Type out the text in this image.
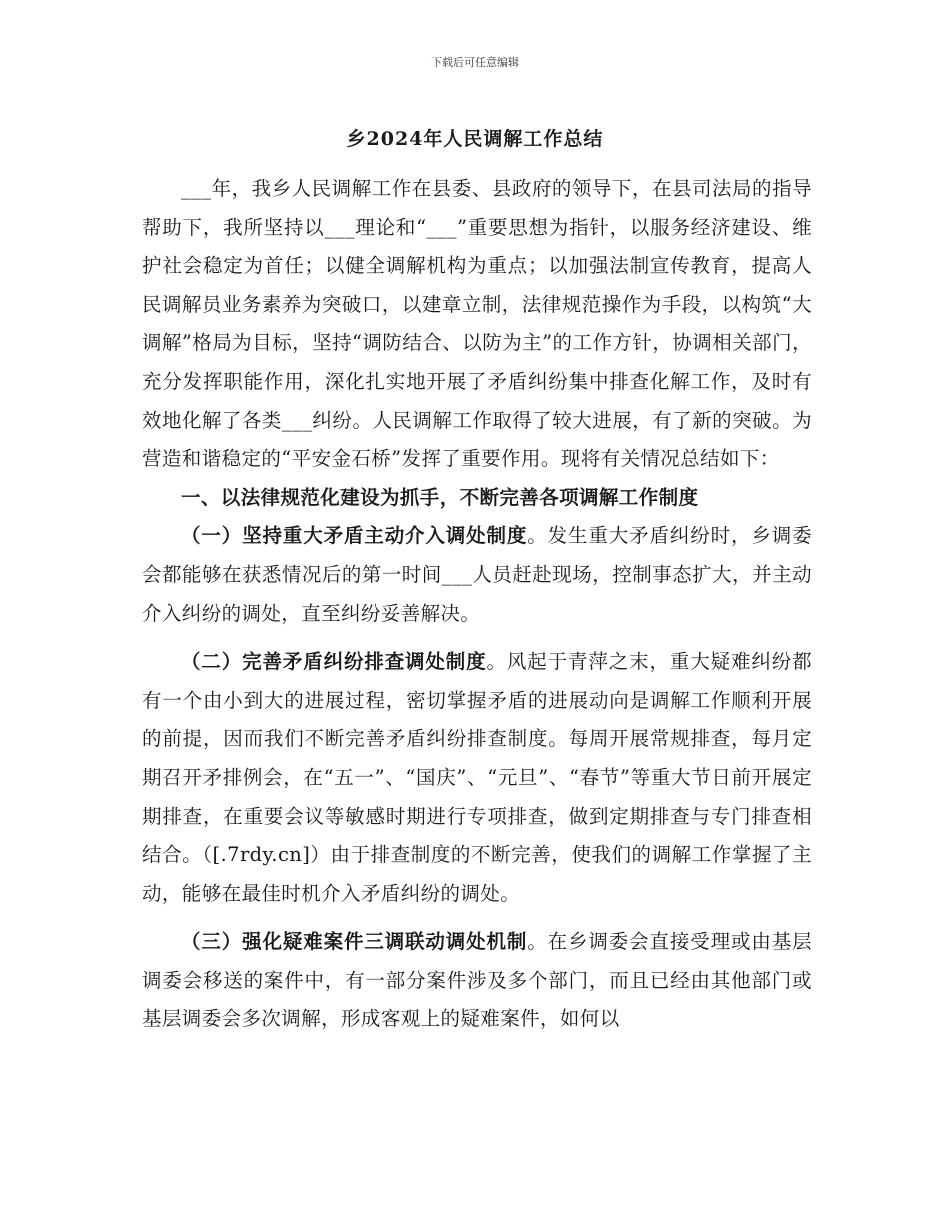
下载后可任意编辑
乡2024年人民调解工作总结

___年，我乡人民调解工作在县委、县政府的领导下，在县司法局的指导帮助下，我所坚持以___理论和“___”重要思想为指针，以服务经济建设、维护社会稳定为首任；以健全调解机构为重点；以加强法制宣传教育，提高人民调解员业务素养为突破口，以建章立制，法律规范操作为手段，以构筑“大调解”格局为目标，坚持“调防结合、以防为主”的工作方针，协调相关部门，充分发挥职能作用，深化扎实地开展了矛盾纠纷集中排查化解工作，及时有效地化解了各类___纠纷。人民调解工作取得了较大进展，有了新的突破。为营造和谐稳定的“平安金石桥”发挥了重要作用。现将有关情况总结如下：

一、以法律规范化建设为抓手，不断完善各项调解工作制度

（一）坚持重大矛盾主动介入调处制度。发生重大矛盾纠纷时，乡调委会都能够在获悉情况后的第一时间___人员赶赴现场，控制事态扩大，并主动介入纠纷的调处，直至纠纷妥善解决。

（二）完善矛盾纠纷排查调处制度。风起于青萍之末，重大疑难纠纷都有一个由小到大的进展过程，密切掌握矛盾的进展动向是调解工作顺利开展的前提，因而我们不断完善矛盾纠纷排查制度。每周开展常规排查，每月定期召开矛排例会，在“五一”、“国庆”、“元旦”、“春节”等重大节日前开展定期排查，在重要会议等敏感时期进行专项排查，做到定期排查与专门排查相结合。（[.7rdy.cn]）由于排查制度的不断完善，使我们的调解工作掌握了主动，能够在最佳时机介入矛盾纠纷的调处。

（三）强化疑难案件三调联动调处机制。在乡调委会直接受理或由基层调委会移送的案件中，有一部分案件涉及多个部门，而且已经由其他部门或基层调委会多次调解，形成客观上的疑难案件，如何以
